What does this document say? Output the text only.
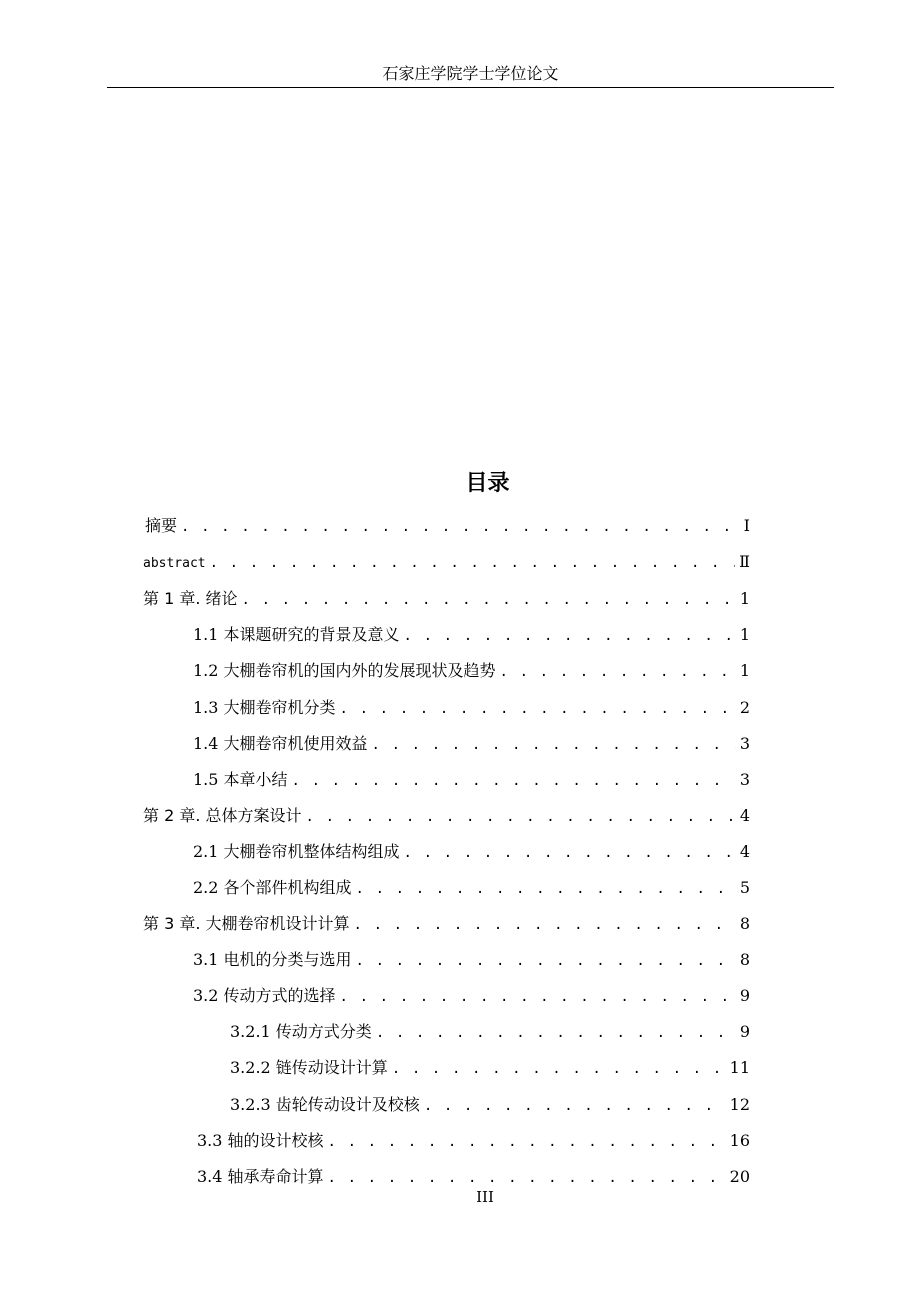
石家庄学院学士学位论文
目录
摘要 . . .	Ⅰ
abstract . . .	Ⅱ
第 1 章. 绪论 . . .	1
1.1 本课题研究的背景及意义 . . .	1
1.2 大棚卷帘机的国内外的发展现状及趋势 . . .	1
1.3 大棚卷帘机分类 . . .	2
1.4 大棚卷帘机使用效益 . . .	3
1.5 本章小结 . . .	3
第 2 章. 总体方案设计 . . .	4
2.1 大棚卷帘机整体结构组成 . . .	4
2.2 各个部件机构组成 . . .	5
第 3 章. 大棚卷帘机设计计算 . . .	8
3.1 电机的分类与选用 . . .	8
3.2 传动方式的选择 . . .	9
3.2.1 传动方式分类 . . .	9
3.2.2 链传动设计计算 . . .	11
3.2.3 齿轮传动设计及校核 . . .	12
3.3 轴的设计校核 . . .	16
3.4 轴承寿命计算 . . .	20
III
